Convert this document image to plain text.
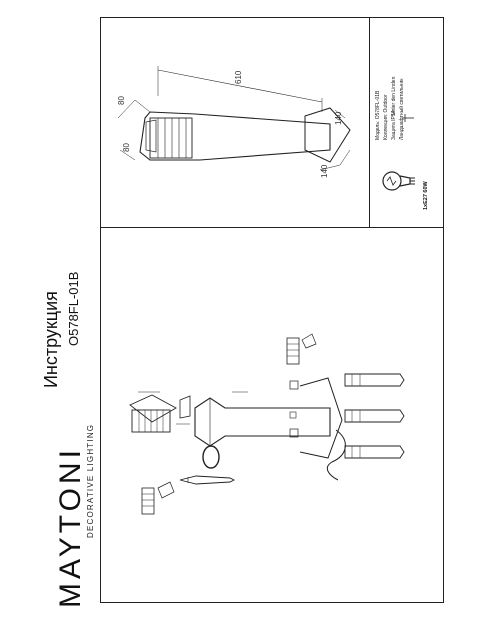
MAYTONI DECORATIVE LIGHTING
Инструкция O578FL-01B
Модель: O578FL-01B Коллекция: Outdoor Unter den Linden Ландшафтный светильник
Защита IP54
1xE27 60W
610
80
80
140
140
